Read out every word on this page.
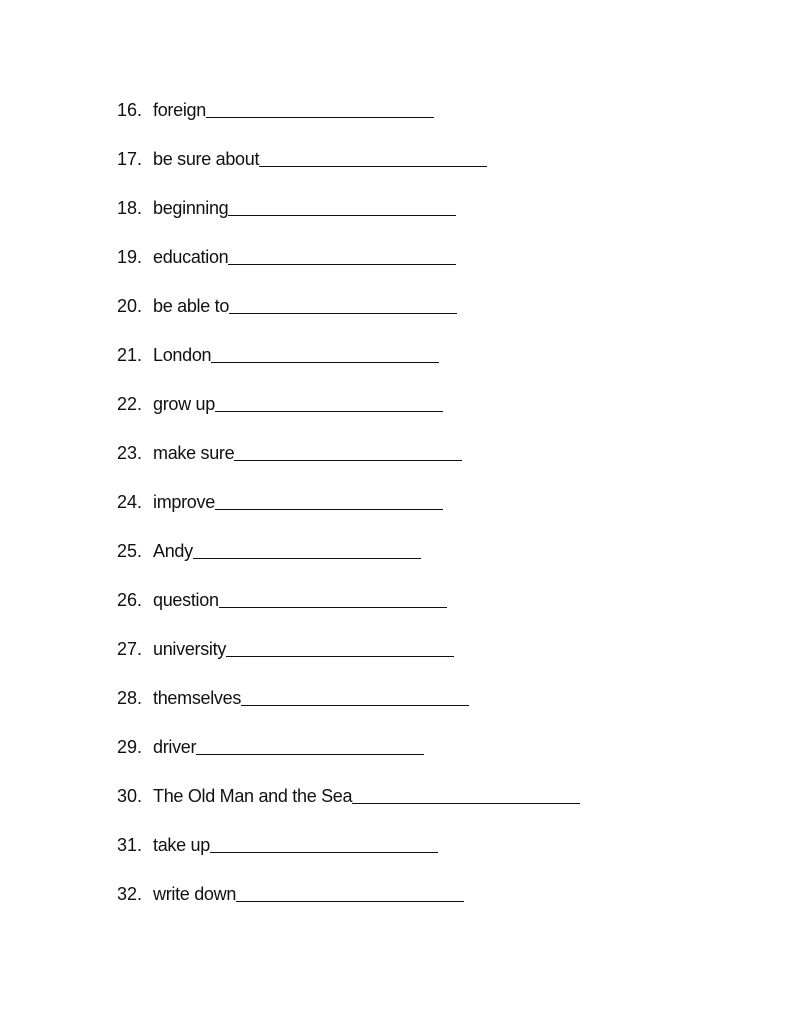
16. foreign
17. be sure about
18. beginning
19. education
20. be able to
21. London
22. grow up
23. make sure
24. improve
25. Andy
26. question
27. university
28. themselves
29. driver
30. The Old Man and the Sea
31. take up
32. write down
